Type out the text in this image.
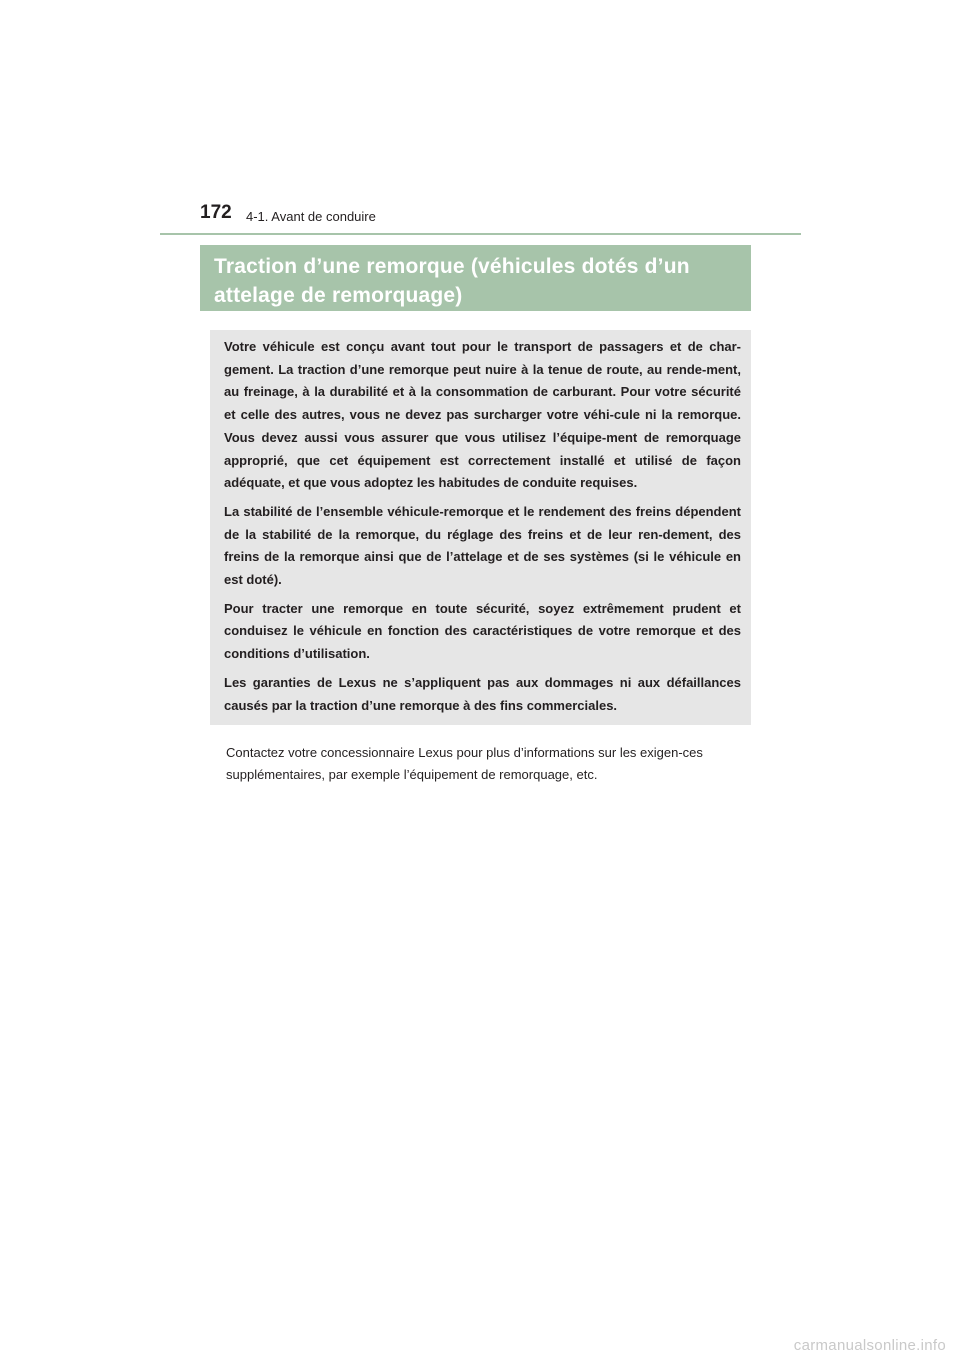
172 4-1. Avant de conduire
Traction d’une remorque (véhicules dotés d’un
attelage de remorquage)

Votre véhicule est conçu avant tout pour le transport de passagers et de char-gement. La traction d’une remorque peut nuire à la tenue de route, au rende-ment, au freinage, à la durabilité et à la consommation de carburant. Pour votre sécurité et celle des autres, vous ne devez pas surcharger votre véhi-cule ni la remorque. Vous devez aussi vous assurer que vous utilisez l’équipe-ment de remorquage approprié, que cet équipement est correctement installé et utilisé de façon adéquate, et que vous adoptez les habitudes de conduite requises.

La stabilité de l’ensemble véhicule-remorque et le rendement des freins dépendent de la stabilité de la remorque, du réglage des freins et de leur ren-dement, des freins de la remorque ainsi que de l’attelage et de ses systèmes (si le véhicule en est doté).

Pour tracter une remorque en toute sécurité, soyez extrêmement prudent et conduisez le véhicule en fonction des caractéristiques de votre remorque et des conditions d’utilisation.

Les garanties de Lexus ne s’appliquent pas aux dommages ni aux défaillances causés par la traction d’une remorque à des fins commerciales.

Contactez votre concessionnaire Lexus pour plus d’informations sur les exigen-ces supplémentaires, par exemple l’équipement de remorquage, etc.

carmanualsonline.info
